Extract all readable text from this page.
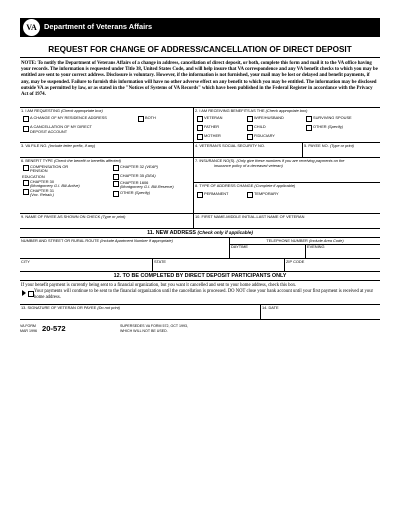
VA Department of Veterans Affairs
REQUEST FOR CHANGE OF ADDRESS/CANCELLATION OF DIRECT DEPOSIT
NOTE: To notify the Department of Veterans Affairs of a change in address, cancellation of direct deposit, or both, complete this form and mail it to the VA office having your records. The information is requested under Title 38, United States Code, and will help insure that VA correspondence and any VA benefit checks to which you may be entitled are sent to your correct address. Disclosure is voluntary. However, if the information is not furnished, your mail may be lost or delayed and benefit payments, if any, may be suspended. Failure to furnish this information will have no other adverse effect on any benefit to which you may be entitled. The information may be disclosed outside VA as permitted by law, or as stated in the "Notices of Systems of VA Records" which have been published in the Federal Register in accordance with the Privacy Act of 1974.
1. I AM REQUESTING (Check appropriate box)
A CHANGE OF MY RESIDENCE ADDRESS	BOTH
A CANCELLATION OF MY DIRECT
DEPOSIT ACCOUNT
2. I AM RECEIVING BENEFITS AS THE (Check appropriate box)
VETERAN	WIFE/HUSBAND	SURVIVING SPOUSE
FATHER	CHILD	OTHER (Specify)
MOTHER	FIDUCIARY
3. VA FILE NO. (Include letter prefix, if any)	4. VETERAN'S SOCIAL SECURITY NO.	5. PAYEE NO. (Type or print)
6. BENEFIT TYPE (Check the benefit or benefits affected)
COMPENSATION OR
PENSION
EDUCATION
CHAPTER 30
(Montgomery G.I. Bill-Active)
CHAPTER 31
(Voc. Rehab.)
CHAPTER 32 (VEAP)
CHAPTER 35 (DEA)
CHAPTER 1606
(Montgomery G.I. Bill-Reserve)
OTHER (Specify)
7. INSURANCE NO(S). (Only give these numbers if you are receiving payments on the
insurance policy of a deceased veteran)
8. TYPE OF ADDRESS CHANGE (Complete if applicable)
PERMANENT	TEMPORARY
9. NAME OF PAYEE AS SHOWN ON CHECK (Type or print)	10. FIRST NAME-MIDDLE INITIAL-LAST NAME OF VETERAN
11. NEW ADDRESS (Check only if applicable)
NUMBER AND STREET OR RURAL ROUTE (Include Apartment Number if appropriate)	TELEPHONE NUMBER (Include Area Code)
DAYTIME	EVENING
CITY	STATE	ZIP CODE
12. TO BE COMPLETED BY DIRECT DEPOSIT PARTICIPANTS ONLY
If your benefit payment is currently being sent to a financial organization, but you want it cancelled and sent to your home address, check this box.
Your payments will continue to be sent to the financial organization until the cancellation is processed. DO NOT close your bank account until your first payment is received at your home address.
13. SIGNATURE OF VETERAN OR PAYEE (Do not print)	14. DATE
VA FORM
MAR 1996 20-572	SUPERSEDES VA FORM 572, OCT 1993,
WHICH WILL NOT BE USED.
